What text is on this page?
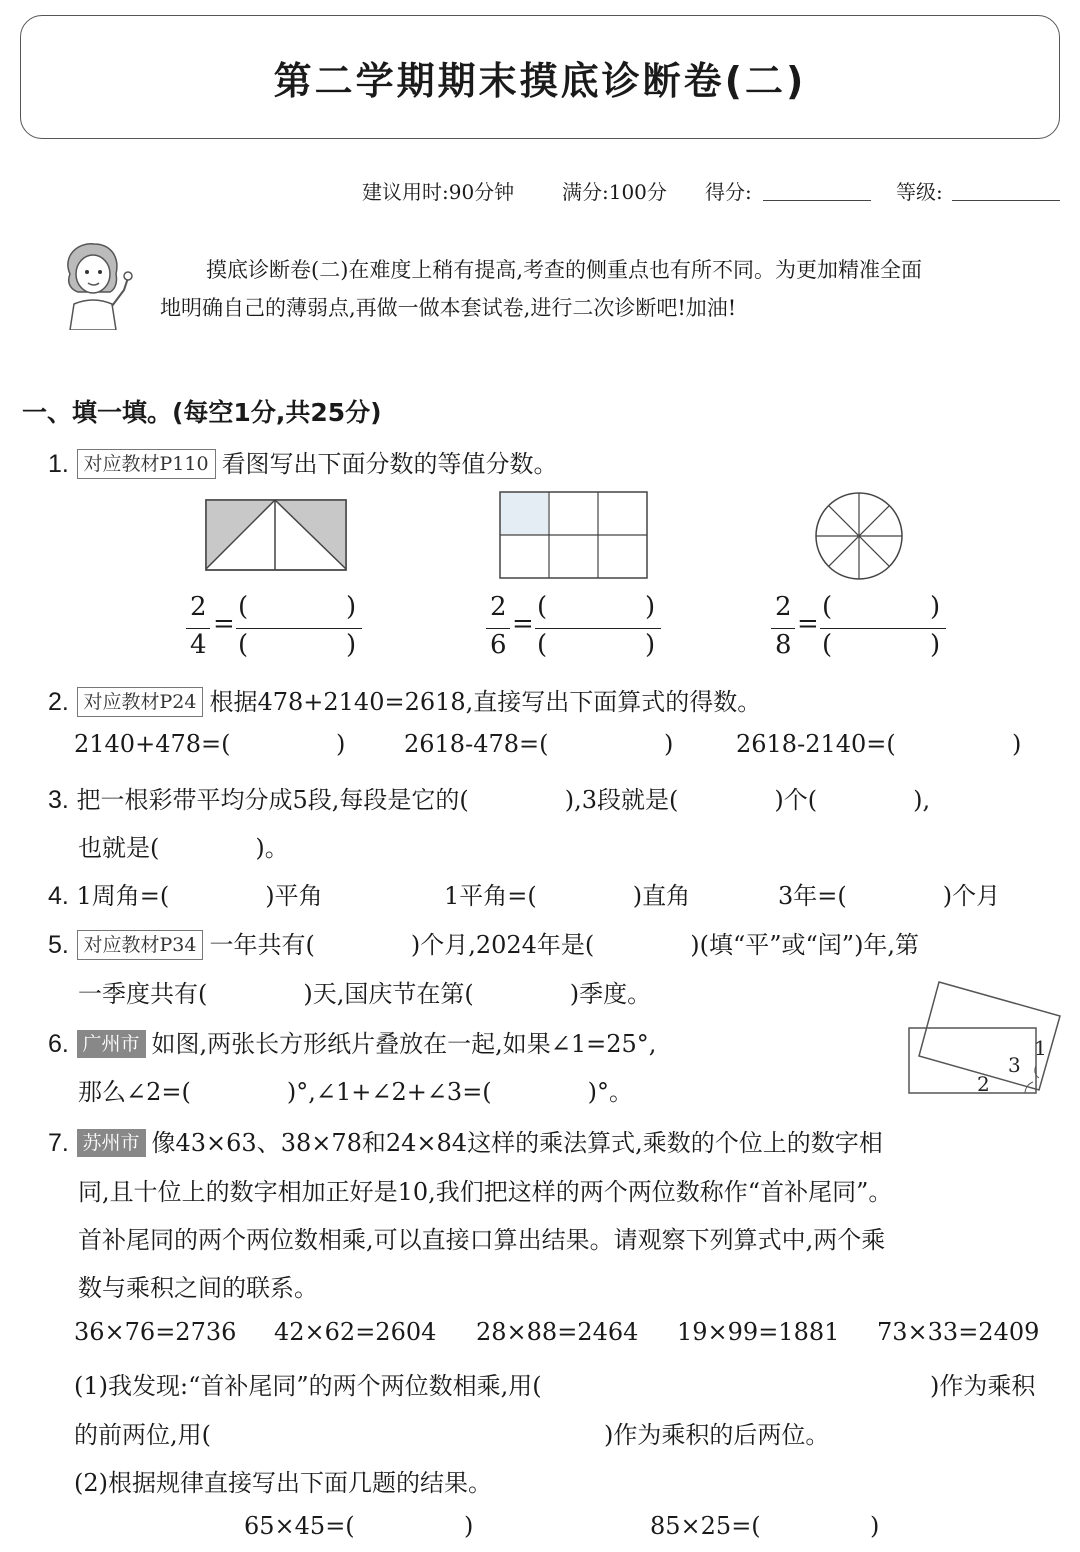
第二学期期末摸底诊断卷(二)
建议用时:90分钟 满分:100分 得分:	等级:
摸底诊断卷(二)在难度上稍有提高,考查的侧重点也有所不同。为更加精准全面
地明确自己的薄弱点,再做一做本套试卷,进行二次诊断吧!加油!
一、填一填。(每空1分,共25分)
1. 对应教材P110 看图写出下面分数的等值分数。
2
4
=
(	)
(	)
2
6
=
(	)
(	)
2
8
=
(	)
(	)
2. 对应教材P24 根据478+2140=2618,直接写出下面算式的得数。
2140+478=(	) 2618-478=(	)	2618-2140=(	)
3. 把一根彩带平均分成5段,每段是它的(　　　　),3段就是(　　　　)个(　　　　),
也就是(　　　　)。
4. 1周角=(　　　　)平角	1平角=(　　　　)直角	3年=(　　　　)个月
5. 对应教材P34 一年共有(　　　　)个月,2024年是(　　　　)(填“平”或“闰”)年,第
一季度共有(　　　　)天,国庆节在第(　　　　)季度。
6. 广州市 如图,两张长方形纸片叠放在一起,如果∠1=25°,
那么∠2=(　　　　)°,∠1+∠2+∠3=(　　　　)°。	2
3
1
7. 苏州市 像43×63、38×78和24×84这样的乘法算式,乘数的个位上的数字相
同,且十位上的数字相加正好是10,我们把这样的两个两位数称作“首补尾同”。
首补尾同的两个两位数相乘,可以直接口算出结果。请观察下列算式中,两个乘
数与乘积之间的联系。
36×76=2736 42×62=2604 28×88=2464 19×99=1881 73×33=2409
(1)我发现:“首补尾同”的两个两位数相乘,用(	)作为乘积
的前两位,用(	)作为乘积的后两位。
(2)根据规律直接写出下面几题的结果。
65×45=(	)	85×25=(	)
